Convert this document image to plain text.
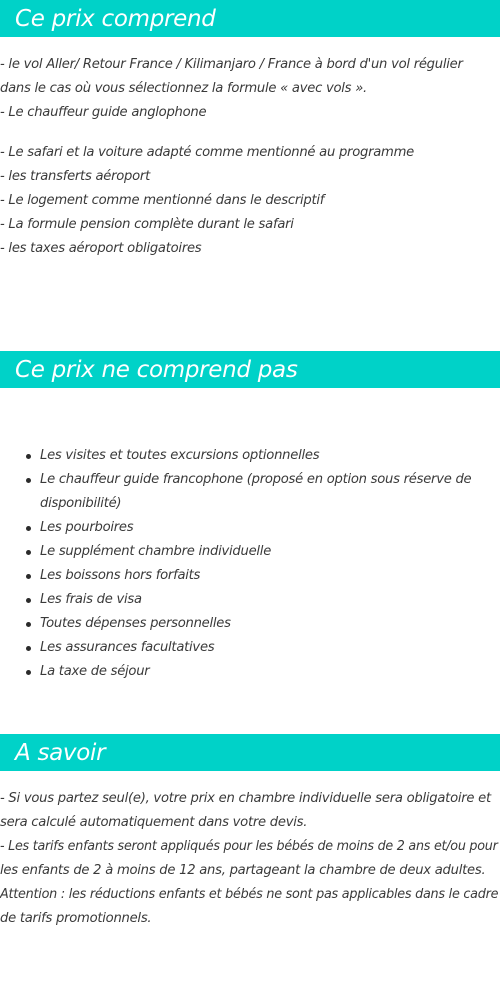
Ce prix comprend
- le vol Aller/ Retour France / Kilimanjaro / France à bord d'un vol régulier
dans le cas où vous sélectionnez la formule « avec vols ».
- Le chauffeur guide anglophone
- Le safari et la voiture adapté comme mentionné au programme
- les transferts aéroport
- Le logement comme mentionné dans le descriptif
- La formule pension complète durant le safari
- les taxes aéroport obligatoires
Ce prix ne comprend pas
Les visites et toutes excursions optionnelles
Le chauffeur guide francophone (proposé en option sous réserve de
disponibilité)
Les pourboires
Le supplément chambre individuelle
Les boissons hors forfaits
Les frais de visa
Toutes dépenses personnelles
Les assurances facultatives
La taxe de séjour
A savoir
- Si vous partez seul(e), votre prix en chambre individuelle sera obligatoire et
sera calculé automatiquement dans votre devis.
- Les tarifs enfants seront appliqués pour les bébés de moins de 2 ans et/ou pour
les enfants de 2 à moins de 12 ans, partageant la chambre de deux adultes.
Attention : les réductions enfants et bébés ne sont pas applicables dans le cadre
de tarifs promotionnels.
